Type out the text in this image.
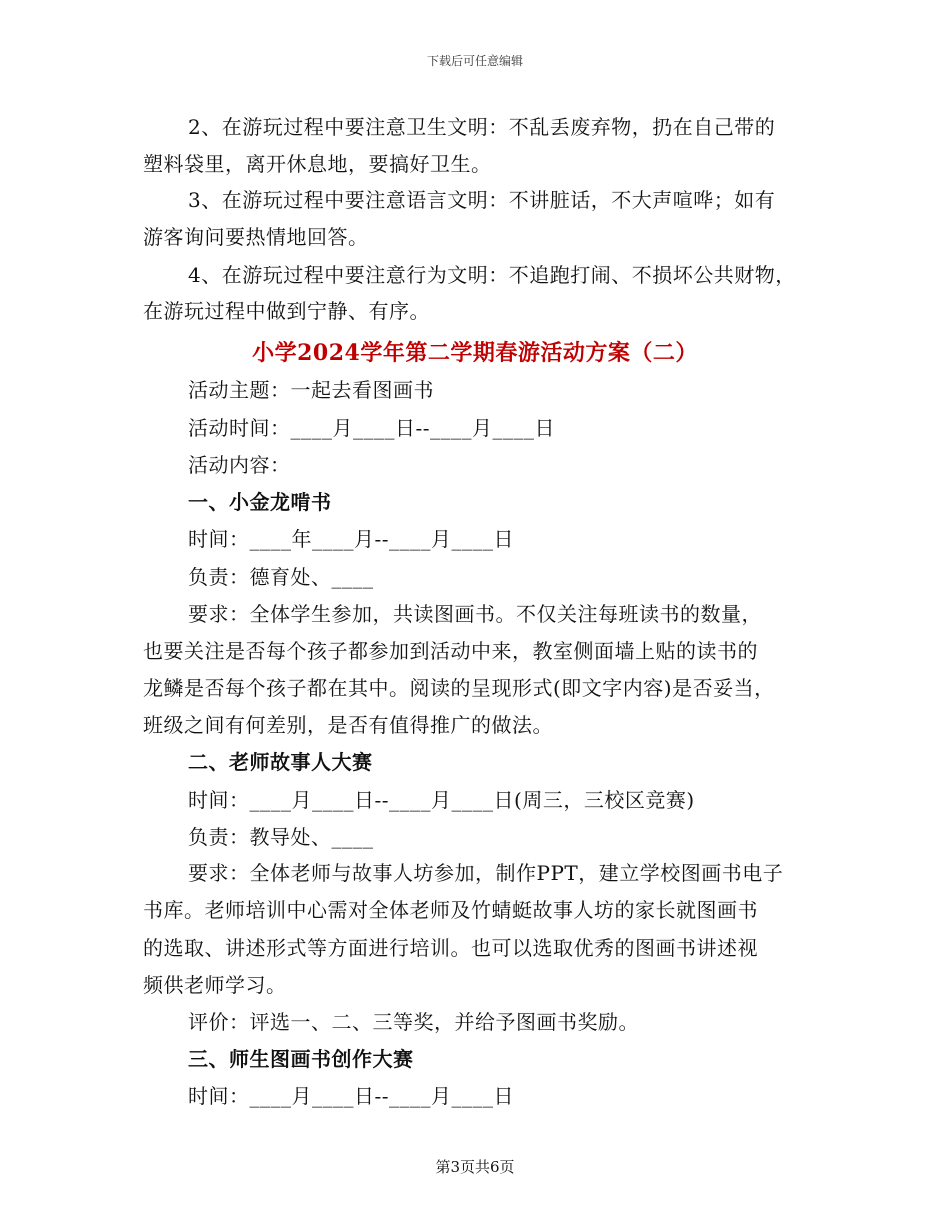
下载后可任意编辑
2、在游玩过程中要注意卫生文明：不乱丢废弃物，扔在自己带的
塑料袋里，离开休息地，要搞好卫生。
3、在游玩过程中要注意语言文明：不讲脏话，不大声喧哗；如有
游客询问要热情地回答。
4、在游玩过程中要注意行为文明：不追跑打闹、不损坏公共财物，
在游玩过程中做到宁静、有序。
小学2024学年第二学期春游活动方案（二）
活动主题：一起去看图画书
活动时间：____月____日--____月____日
活动内容：
一、小金龙啃书
时间：____年____月--____月____日
负责：德育处、____
要求：全体学生参加，共读图画书。不仅关注每班读书的数量，
也要关注是否每个孩子都参加到活动中来，教室侧面墙上贴的读书的
龙鳞是否每个孩子都在其中。阅读的呈现形式(即文字内容)是否妥当，
班级之间有何差别，是否有值得推广的做法。
二、老师故事人大赛
时间：____月____日--____月____日(周三，三校区竞赛)
负责：教导处、____
要求：全体老师与故事人坊参加，制作PPT，建立学校图画书电子
书库。老师培训中心需对全体老师及竹蜻蜓故事人坊的家长就图画书
的选取、讲述形式等方面进行培训。也可以选取优秀的图画书讲述视
频供老师学习。
评价：评选一、二、三等奖，并给予图画书奖励。
三、师生图画书创作大赛
时间：____月____日--____月____日
第3页共6页
